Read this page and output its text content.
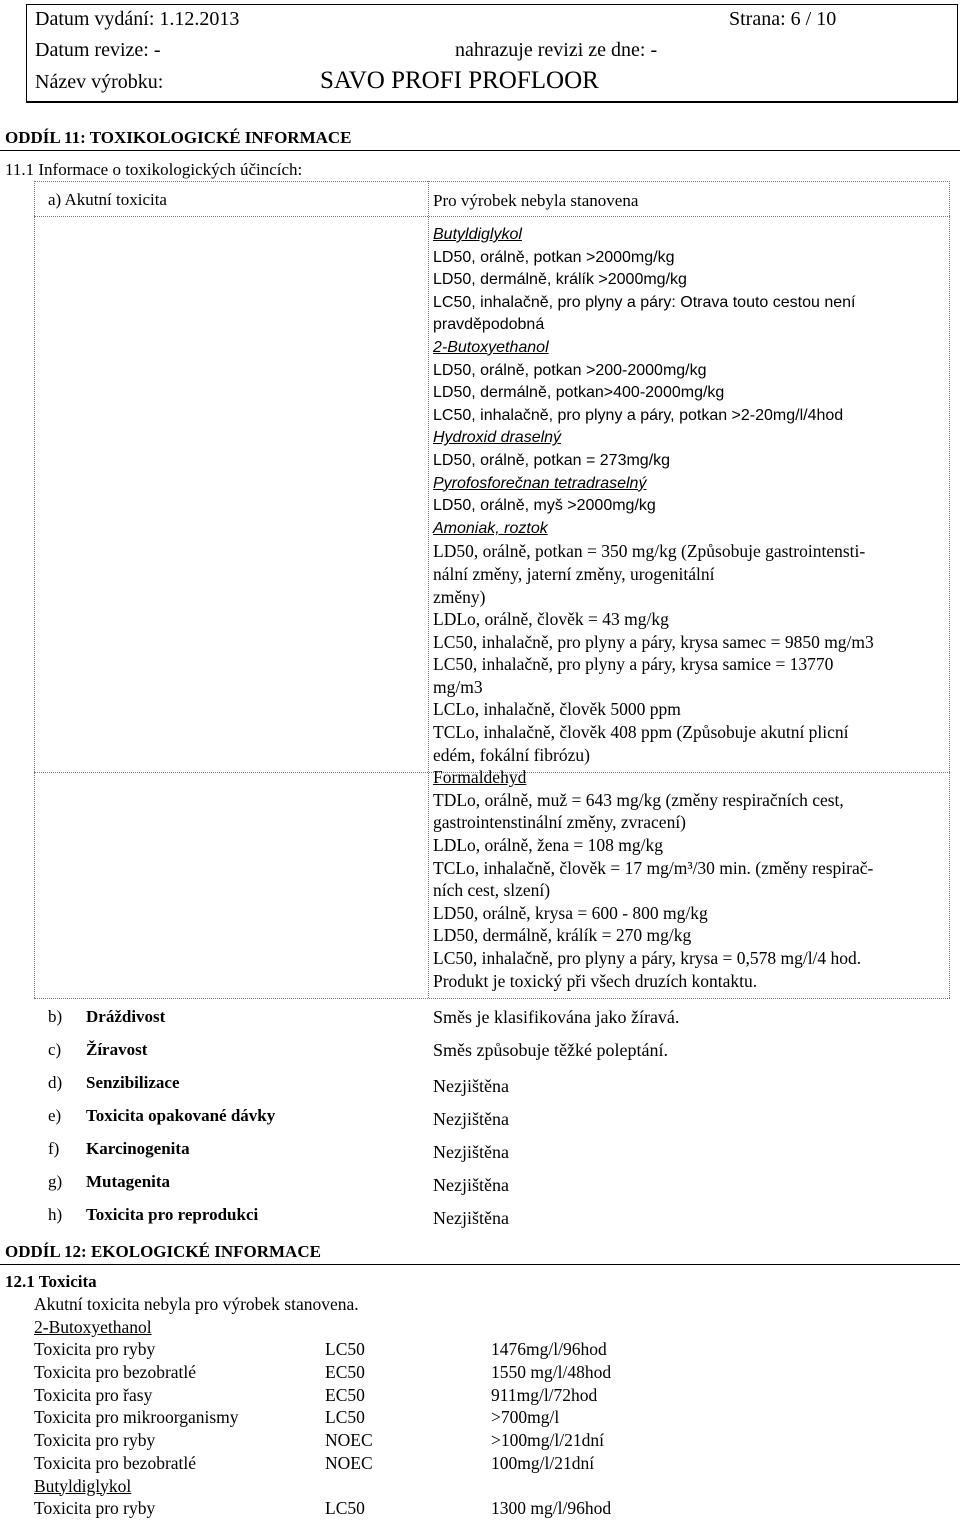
Datum vydání: 1.12.2013	Strana: 6 / 10
Datum revize: -	nahrazuje revizi ze dne: -
Název výrobku:	SAVO PROFI PROFLOOR
ODDÍL 11: TOXIKOLOGICKÉ INFORMACE
11.1 Informace o toxikologických účincích:
a) Akutní toxicita	Pro výrobek nebyla stanovena
Butyldiglykol
LD50, orálně, potkan >2000mg/kg
LD50, dermálně, králík >2000mg/kg
LC50, inhalačně, pro plyny a páry: Otrava touto cestou není
pravděpodobná
2-Butoxyethanol
LD50, orálně, potkan >200-2000mg/kg
LD50, dermálně, potkan>400-2000mg/kg
LC50, inhalačně, pro plyny a páry, potkan >2-20mg/l/4hod
Hydroxid draselný
LD50, orálně, potkan = 273mg/kg
Pyrofosforečnan tetradraselný
LD50, orálně, myš >2000mg/kg
Amoniak, roztok
LD50, orálně, potkan = 350 mg/kg (Způsobuje gastrointensti-
nální změny, jaterní změny, urogenitální
změny)
LDLo, orálně, člověk = 43 mg/kg
LC50, inhalačně, pro plyny a páry, krysa samec = 9850 mg/m3
LC50, inhalačně, pro plyny a páry, krysa samice = 13770
mg/m3
LCLo, inhalačně, člověk 5000 ppm
TCLo, inhalačně, člověk 408 ppm (Způsobuje akutní plicní
edém, fokální fibrózu)
Formaldehyd
TDLo, orálně, muž = 643 mg/kg (změny respiračních cest,
gastrointenstinální změny, zvracení)
LDLo, orálně, žena = 108 mg/kg
TCLo, inhalačně, člověk = 17 mg/m³/30 min. (změny respirač-
ních cest, slzení)
LD50, orálně, krysa = 600 - 800 mg/kg
LD50, dermálně, králík = 270 mg/kg
LC50, inhalačně, pro plyny a páry, krysa = 0,578 mg/l/4 hod.
Produkt je toxický při všech druzích kontaktu.
b) Dráždivost	Směs je klasifikována jako žíravá.
c) Žíravost	Směs způsobuje těžké poleptání.
d) Senzibilizace	Nezjištěna
e) Toxicita opakované dávky	Nezjištěna
f) Karcinogenita	Nezjištěna
g) Mutagenita	Nezjištěna
h) Toxicita pro reprodukci	Nezjištěna
ODDÍL 12: EKOLOGICKÉ INFORMACE
12.1 Toxicita
Akutní toxicita nebyla pro výrobek stanovena.
2-Butoxyethanol
Toxicita pro ryby	LC50	1476mg/l/96hod
Toxicita pro bezobratlé	EC50	1550 mg/l/48hod
Toxicita pro řasy	EC50	911mg/l/72hod
Toxicita pro mikroorganismy	LC50	>700mg/l
Toxicita pro ryby	NOEC	>100mg/l/21dní
Toxicita pro bezobratlé	NOEC	100mg/l/21dní
Butyldiglykol
Toxicita pro ryby	LC50	1300 mg/l/96hod
